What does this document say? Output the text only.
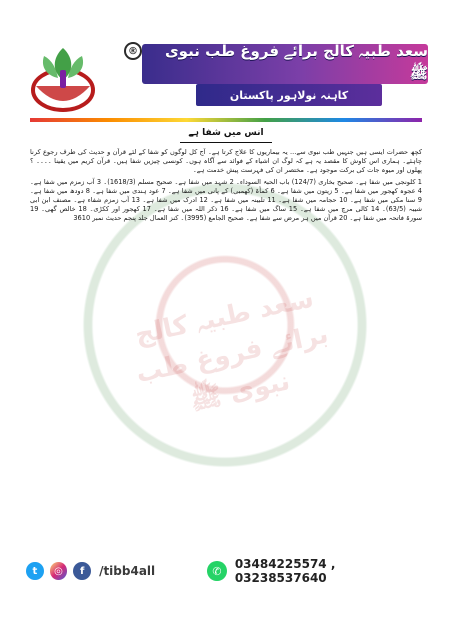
®	سعد طبیہ کالج برائے فروغ طب نبوی ﷺ
کاہنہ نولاہور پاکستان
انس میں شفا ہے
سعد طبیہ کالج برائے فروغ طب نبوی ﷺ

کچھ حضرات ایسی ہیں جنہیں طب نبوی سے... یہ بیماریوں کا علاج کرتا ہے۔ آج کل لوگوں کو شفا کے لئے قرآن و حدیث کی طرف رجوع کرنا چاہئے۔ ہماری اس کاوش کا مقصد یہ ہے کہ لوگ ان اشیاء کے فوائد سے آگاہ ہوں۔ کونسی چیزیں شفا ہیں۔ قرآن کریم میں یقینا ۔۔۔۔ ؟ پھلوں اور میوہ جات کی برکت موجود ہے۔ مختصر ان کی فہرست پیش خدمت ہے۔

1 کلونجی میں شفا ہے۔ صحیح بخاری (124/7) باب الحبۃ السوداء۔ 2 شہد میں شفا ہے۔ صحیح مسلم (1618/3)۔ 3 آب زمزم میں شفا ہے۔ 4 عجوہ کھجور میں شفا ہے۔ 5 زیتون میں شفا ہے۔ 6 کمأۃ (کھمبی) کے پانی میں شفا ہے۔ 7 عود ہندی میں شفا ہے۔ 8 دودھ میں شفا ہے۔ 9 سنا مکی میں شفا ہے۔ 10 حجامہ میں شفا ہے۔ 11 تلبینہ میں شفا ہے۔ 12 ادرک میں شفا ہے۔ 13 آب زمزم شفاء ہے۔ مصنف ابن ابی شیبہ (63/5)۔ 14 کالی مرچ میں شفا ہے۔ 15 ساگ میں شفا ہے۔ 16 ذکر اللہ میں شفا ہے۔ 17 کھجور اور ککڑی۔ 18 خالص گھی۔ 19 سورۃ فاتحہ میں شفا ہے۔ 20 قرآن میں ہر مرض سے شفا ہے۔ صحیح الجامع (3995)۔ کنز العمال جلد پنجم حدیث نمبر 3610

t	◎	f	/tibb4all	✆	03484225574 , 03238537640
